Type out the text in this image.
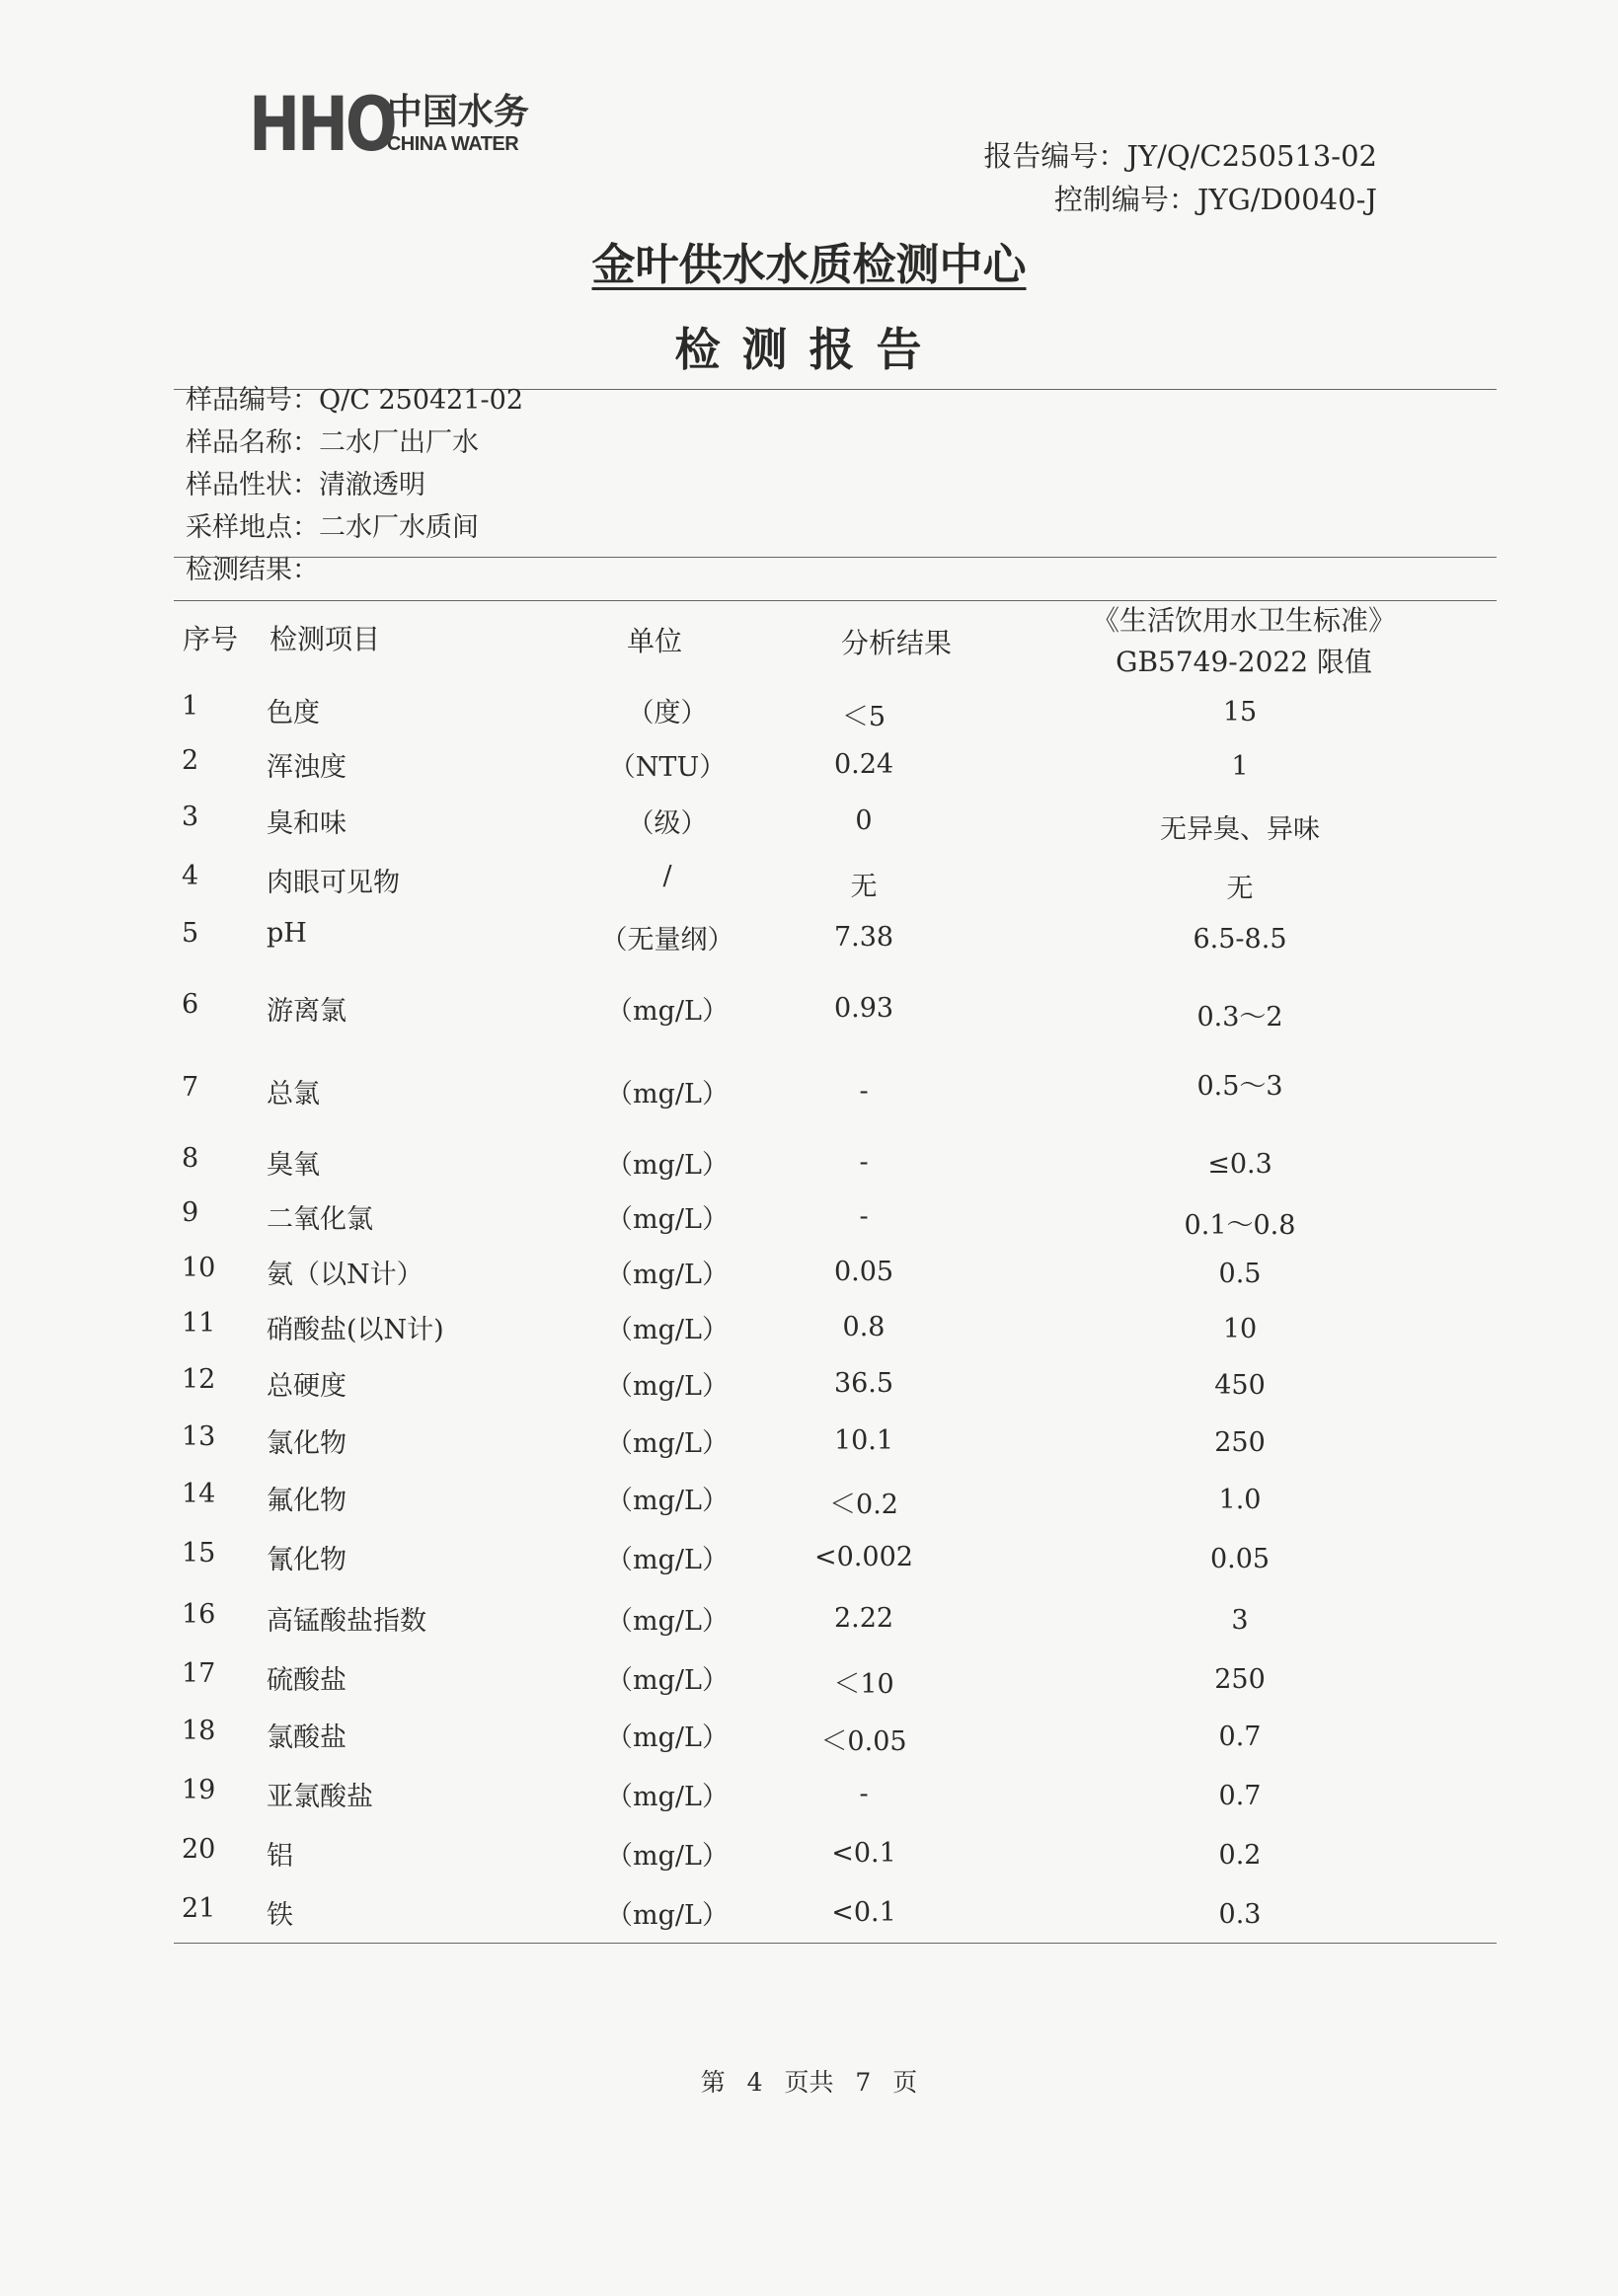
HHO
中国水务
CHINA WATER	报告编号：JY/Q/C250513-02
控制编号：JYG/D0040-J
金叶供水水质检测中心
检测报告
样品编号：Q/C 250421-02
样品名称：二水厂出厂水
样品性状：清澈透明
采样地点：二水厂水质间
检测结果：
序号 检测项目	单位	分析结果
《生活饮用水卫生标准》
GB5749-2022 限值
1	色度	（度）	＜5	15
2	浑浊度	（NTU）	0.24	1
3	臭和味	（级）	0	无异臭、异味
4	肉眼可见物	/	无	无
5	pH	（无量纲）	7.38	6.5-8.5
6	游离氯	（mg/L）	0.93	0.3～2
7	总氯	（mg/L）	-	0.5～3
8	臭氧	（mg/L）	-	≤0.3
9	二氧化氯	（mg/L）	-	0.1～0.8
10 氨（以N计）	（mg/L）	0.05	0.5
11 硝酸盐(以N计)	（mg/L）	0.8	10
12 总硬度	（mg/L）	36.5	450
13 氯化物	（mg/L）	10.1	250
14 氟化物	（mg/L）	＜0.2	1.0
15 氰化物	（mg/L）	<0.002	0.05
16 高锰酸盐指数	（mg/L）	2.22	3
17 硫酸盐	（mg/L）	＜10	250
18 氯酸盐	（mg/L）	＜0.05	0.7
19 亚氯酸盐	（mg/L）	-	0.7
20 铝	（mg/L）	<0.1	0.2
21 铁	（mg/L）	<0.1	0.3
第 4 页共 7 页
